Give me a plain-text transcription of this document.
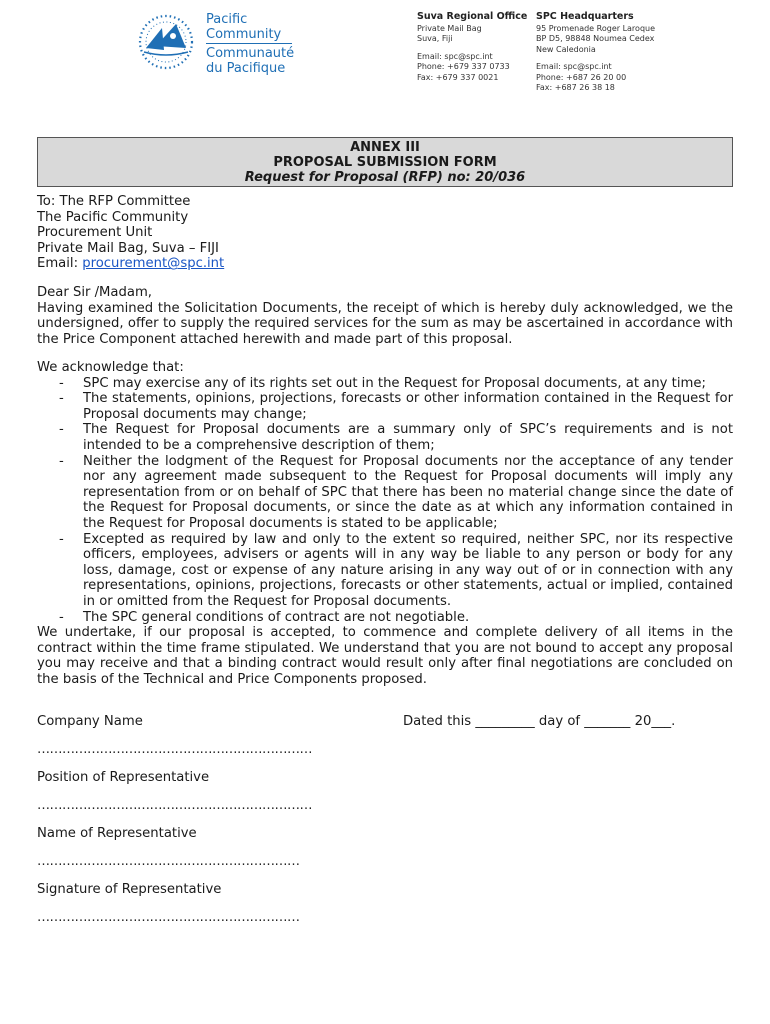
Pacific
Community
Communauté
du Pacifique
Suva Regional Office
Private Mail Bag
Suva, Fiji
Email: spc@spc.int
Phone: +679 337 0733
Fax: +679 337 0021
SPC Headquarters
95 Promenade Roger Laroque
BP D5, 98848 Noumea Cedex
New Caledonia
Email: spc@spc.int
Phone: +687 26 20 00
Fax: +687 26 38 18
ANNEX III
PROPOSAL SUBMISSION FORM
Request for Proposal (RFP) no: 20/036
To: The RFP Committee
The Pacific Community
Procurement Unit
Private Mail Bag, Suva – FIJI
Email: procurement@spc.int
Dear Sir /Madam,
Having examined the Solicitation Documents, the receipt of which is hereby duly acknowledged, we the undersigned, offer to supply the required services for the sum as may be ascertained in accordance with the Price Component attached herewith and made part of this proposal.
We acknowledge that:
- SPC may exercise any of its rights set out in the Request for Proposal documents, at any time;
- The statements, opinions, projections, forecasts or other information contained in the Request for Proposal documents may change;
- The Request for Proposal documents are a summary only of SPC’s requirements and is not intended to be a comprehensive description of them;
- Neither the lodgment of the Request for Proposal documents nor the acceptance of any tender nor any agreement made subsequent to the Request for Proposal documents will imply any representation from or on behalf of SPC that there has been no material change since the date of the Request for Proposal documents, or since the date as at which any information contained in the Request for Proposal documents is stated to be applicable;
- Excepted as required by law and only to the extent so required, neither SPC, nor its respective officers, employees, advisers or agents will in any way be liable to any person or body for any loss, damage, cost or expense of any nature arising in any way out of or in connection with any representations, opinions, projections, forecasts or other statements, actual or implied, contained in or omitted from the Request for Proposal documents.
- The SPC general conditions of contract are not negotiable.
We undertake, if our proposal is accepted, to commence and complete delivery of all items in the contract within the time frame stipulated. We understand that you are not bound to accept any proposal you may receive and that a binding contract would result only after final negotiations are concluded on the basis of the Technical and Price Components proposed.
Company Name	Dated this _________ day of _______ 20___.
…………………………………………………………
Position of Representative
…………………………………………………………
Name of Representative
………………………………………………………
Signature of Representative
………………………………………………………
